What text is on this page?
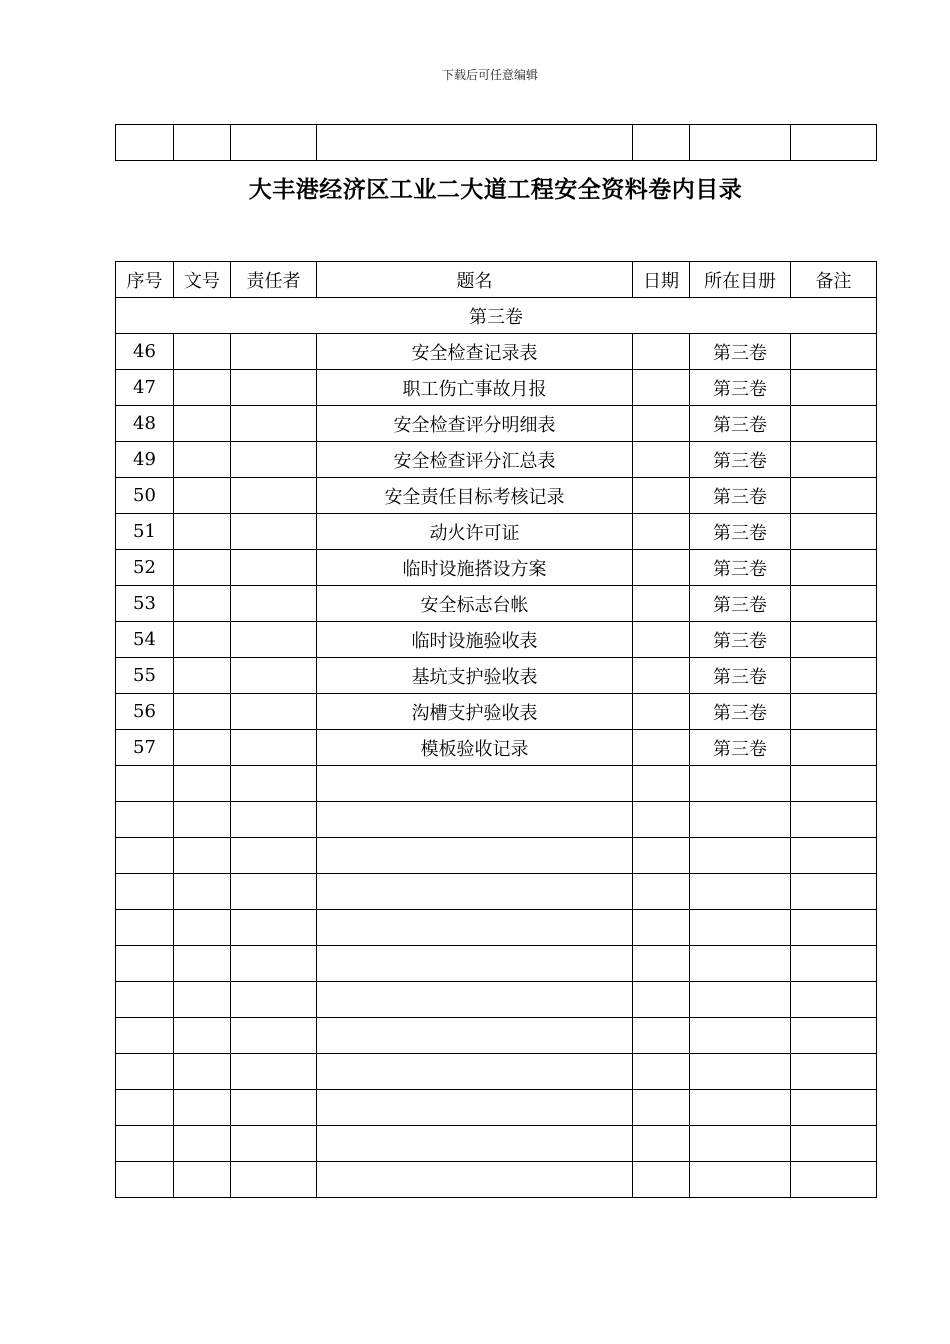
下载后可任意编辑

大丰港经济区工业二大道工程安全资料卷内目录
序号	文号	责任者	题名	日期	所在目册	备注
第三卷						
46			安全检查记录表		第三卷	
47			职工伤亡事故月报		第三卷	
48			安全检查评分明细表		第三卷	
49			安全检查评分汇总表		第三卷	
50			安全责任目标考核记录		第三卷	
51			动火许可证		第三卷	
52			临时设施搭设方案		第三卷	
53			安全标志台帐		第三卷	
54			临时设施验收表		第三卷	
55			基坑支护验收表		第三卷	
56			沟槽支护验收表		第三卷	
57			模板验收记录		第三卷	
